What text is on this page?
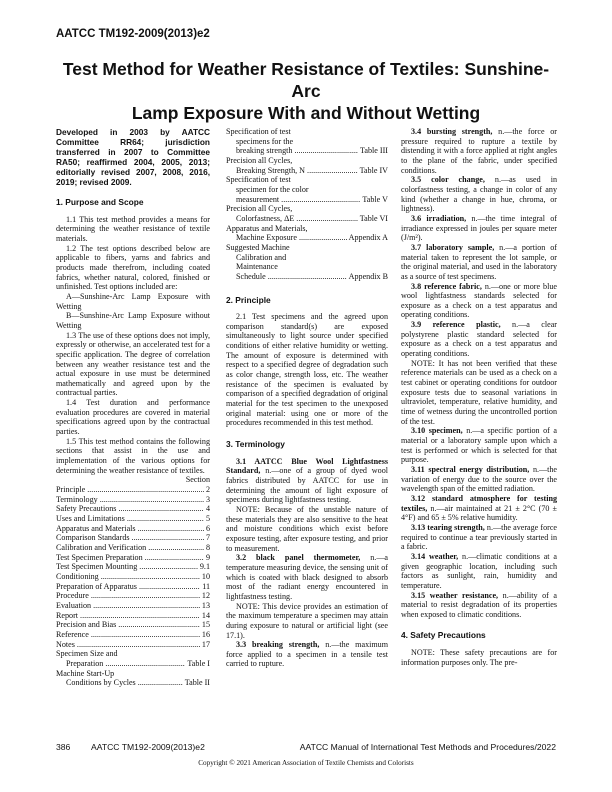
AATCC TM192-2009(2013)e2
Test Method for Weather Resistance of Textiles: Sunshine-Arc
Lamp Exposure With and Without Wetting
Developed in 2003 by AATCC Committee RR64; jurisdiction transferred in 2007 to Committee RA50; reaffirmed 2004, 2005, 2013; editorially revised 2007, 2008, 2016, 2019; revised 2009.
1. Purpose and Scope

1.1 This test method provides a means for determining the weather resistance of textile materials.

1.2 The test options described below are applicable to fibers, yarns and fabrics and products made therefrom, including coated fabrics, whether natural, colored, finished or unfinished. Test options included are:

A—Sunshine-Arc Lamp Exposure with Wetting

B—Sunshine-Arc Lamp Exposure without Wetting

1.3 The use of these options does not imply, expressly or otherwise, an accelerated test for a specific application. The degree of correlation between any weather resistance test and the actual exposure in use must be determined mathematically and agreed upon by the contractual parties.

1.4 Test duration and performance evaluation procedures are covered in material specifications agreed upon by the contractual parties.

1.5 This test method contains the following sections that assist in the use and implementation of the various options for determining the weather resistance of textiles.

Section
Principle .....	2
Terminology .....	3
Safety Precautions .....	4
Uses and Limitations .....	5
Apparatus and Materials .....	6
Comparison Standards .....	7
Calibration and Verification .....	8
Test Specimen Preparation .....	9
Test Specimen Mounting .....	9.1
Conditioning .....	10
Preparation of Apparatus .....	11
Procedure .....	12
Evaluation .....	13
Report .....	14
Precision and Bias .....	15
Reference .....	16
Notes .....	17
Specimen Size and
Preparation .....	Table I
Machine Start-Up
Conditions by Cycles .....	Table II
Specification of test
specimens for the
breaking strength .....	Table III
Precision all Cycles,
Breaking Strength, N .....	Table IV
Specification of test
specimen for the color
measurement .....	Table V
Precision all Cycles,
Colorfastness, ΔE .....	Table VI
Apparatus and Materials,
Machine Exposure .....	Appendix A
Suggested Machine
Calibration and
Maintenance
Schedule .....	Appendix B
2. Principle

2.1 Test specimens and the agreed upon comparison standard(s) are exposed simultaneously to light source under specified conditions of either relative humidity or wetting. The amount of exposure is determined with respect to a specified degree of degradation such as color change, strength loss, etc. The weather resistance of the specimen is evaluated by comparison of a specified degradation of original material for the test specimen to the unexposed original material: using one or more of the procedures recommended in this test method.

3. Terminology

3.1 AATCC Blue Wool Lightfastness Standard, n.—one of a group of dyed wool fabrics distributed by AATCC for use in determining the amount of light exposure of specimens during lightfastness testing.

NOTE: Because of the unstable nature of these materials they are also sensitive to the heat and moisture conditions which exist before exposure testing, after exposure testing, and prior to measurement.

3.2 black panel thermometer, n.—a temperature measuring device, the sensing unit of which is coated with black designed to absorb most of the radiant energy encountered in lightfastness testing.

NOTE: This device provides an estimation of the maximum temperature a specimen may attain during exposure to natural or artificial light (see 17.1).

3.3 breaking strength, n.—the maximum force applied to a specimen in a tensile test carried to rupture.

3.4 bursting strength, n.—the force or pressure required to rupture a textile by distending it with a force applied at right angles to the plane of the fabric, under specified conditions.

3.5 color change, n.—as used in colorfastness testing, a change in color of any kind (whether a change in hue, chroma, or lightness).

3.6 irradiation, n.—the time integral of irradiance expressed in joules per square meter (J/m²).

3.7 laboratory sample, n.—a portion of material taken to represent the lot sample, or the original material, and used in the laboratory as a source of test specimens.

3.8 reference fabric, n.—one or more blue wool lightfastness standards selected for exposure as a check on a test apparatus and operating conditions.

3.9 reference plastic, n.—a clear polystyrene plastic standard selected for exposure as a check on a test apparatus and operating conditions.

NOTE: It has not been verified that these reference materials can be used as a check on a test cabinet or operating conditions for outdoor exposure tests due to seasonal variations in ultraviolet, temperature, relative humidity, and time of wetness during the uncontrolled portion of the test.

3.10 specimen, n.—a specific portion of a material or a laboratory sample upon which a test is performed or which is selected for that purpose.

3.11 spectral energy distribution, n.—the variation of energy due to the source over the wavelength span of the emitted radiation.

3.12 standard atmosphere for testing textiles, n.—air maintained at 21 ± 2°C (70 ± 4°F) and 65 ± 5% relative humidity.

3.13 tearing strength, n.—the average force required to continue a tear previously started in a fabric.

3.14 weather, n.—climatic conditions at a given geographic location, including such factors as sunlight, rain, humidity and temperature.

3.15 weather resistance, n.—ability of a material to resist degradation of its properties when exposed to climatic conditions.

4. Safety Precautions

NOTE: These safety precautions are for information purposes only. The pre-

386 AATCC TM192-2009(2013)e2	AATCC Manual of International Test Methods and Procedures/2022
Copyright © 2021 American Association of Textile Chemists and Colorists
